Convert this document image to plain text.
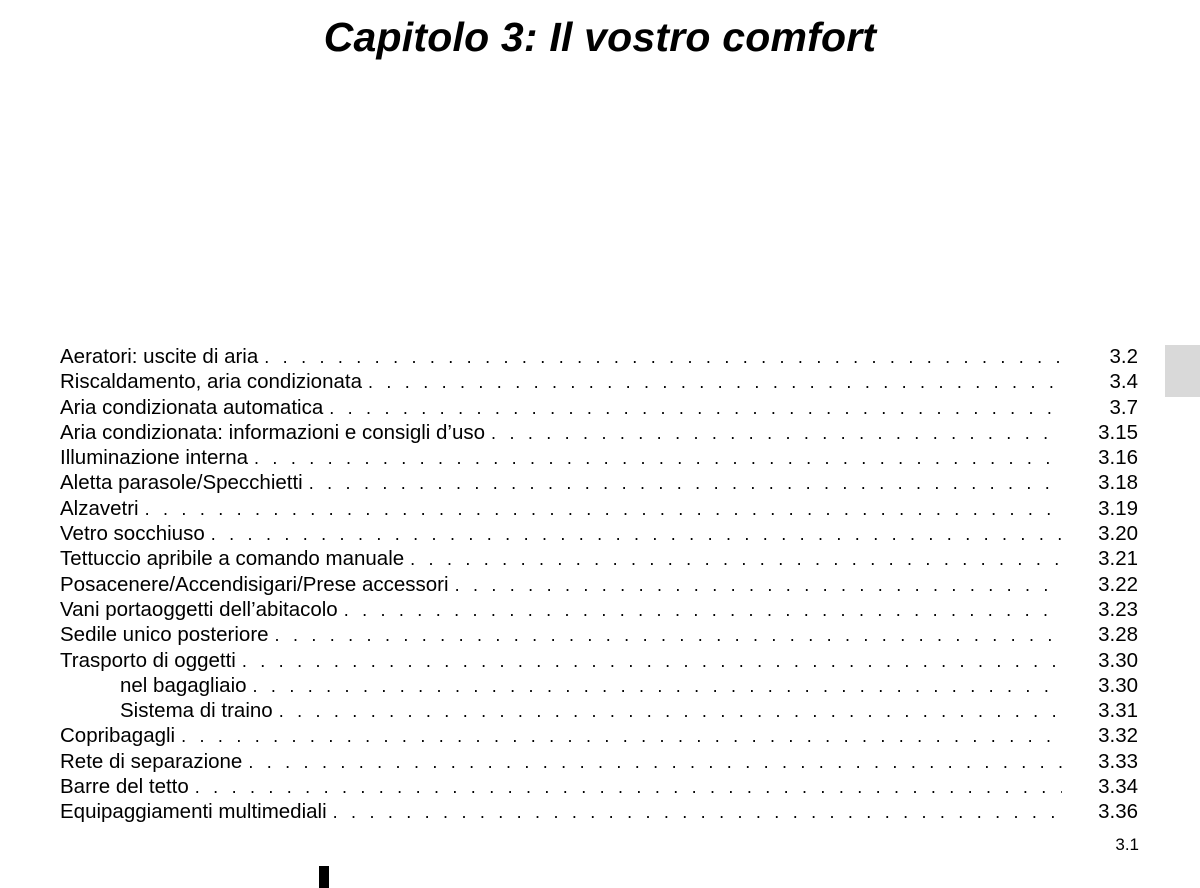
Capitolo 3: Il vostro comfort
Aeratori: uscite di aria . . .	3.2
Riscaldamento, aria condizionata . . .	3.4
Aria condizionata automatica . . .	3.7
Aria condizionata: informazioni e consigli d’uso . . .	3.15
Illuminazione interna . . .	3.16
Aletta parasole/Specchietti . . .	3.18
Alzavetri . . .	3.19
Vetro socchiuso . . .	3.20
Tettuccio apribile a comando manuale . . .	3.21
Posacenere/Accendisigari/Prese accessori . . .	3.22
Vani portaoggetti dell’abitacolo . . .	3.23
Sedile unico posteriore . . .	3.28
Trasporto di oggetti . . .	3.30
nel bagagliaio . . .	3.30
Sistema di traino . . .	3.31
Copribagagli . . .	3.32
Rete di separazione . . .	3.33
Barre del tetto . . .	3.34
Equipaggiamenti multimediali . . .	3.36
3.1
